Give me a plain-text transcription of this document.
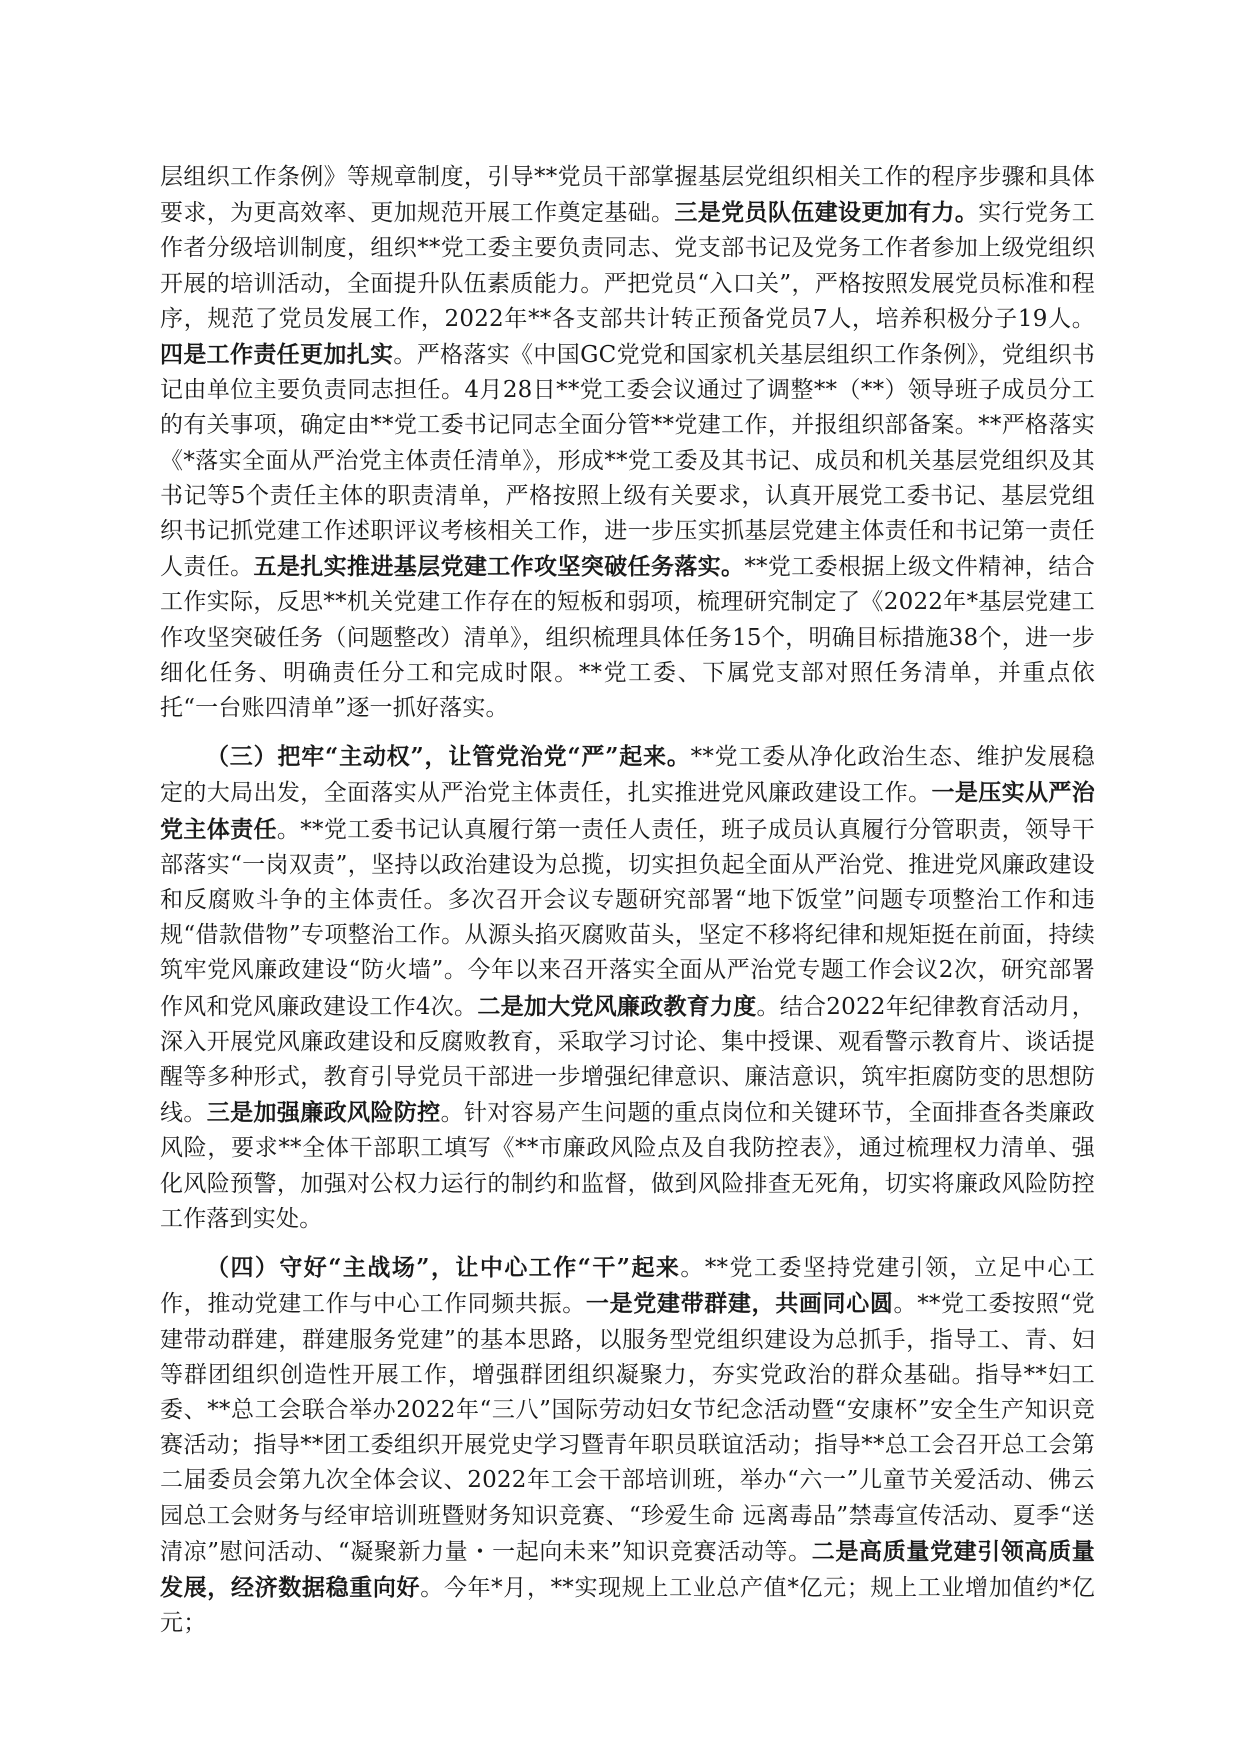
层组织工作条例》等规章制度，引导**党员干部掌握基层党组织相关工作的程序步骤和具体要求，为更高效率、更加规范开展工作奠定基础。三是党员队伍建设更加有力。实行党务工作者分级培训制度，组织**党工委主要负责同志、党支部书记及党务工作者参加上级党组织开展的培训活动，全面提升队伍素质能力。严把党员“入口关”，严格按照发展党员标准和程序，规范了党员发展工作，2022年**各支部共计转正预备党员7人，培养积极分子19人。四是工作责任更加扎实。严格落实《中国GC党党和国家机关基层组织工作条例》，党组织书记由单位主要负责同志担任。4月28日**党工委会议通过了调整**（**）领导班子成员分工的有关事项，确定由**党工委书记同志全面分管**党建工作，并报组织部备案。**严格落实《*落实全面从严治党主体责任清单》，形成**党工委及其书记、成员和机关基层党组织及其书记等5个责任主体的职责清单，严格按照上级有关要求，认真开展党工委书记、基层党组织书记抓党建工作述职评议考核相关工作，进一步压实抓基层党建主体责任和书记第一责任人责任。五是扎实推进基层党建工作攻坚突破任务落实。**党工委根据上级文件精神，结合工作实际，反思**机关党建工作存在的短板和弱项，梳理研究制定了《2022年*基层党建工作攻坚突破任务（问题整改）清单》，组织梳理具体任务15个，明确目标措施38个，进一步细化任务、明确责任分工和完成时限。**党工委、下属党支部对照任务清单，并重点依托“一台账四清单”逐一抓好落实。

（三）把牢“主动权”，让管党治党“严”起来。**党工委从净化政治生态、维护发展稳定的大局出发，全面落实从严治党主体责任，扎实推进党风廉政建设工作。一是压实从严治党主体责任。**党工委书记认真履行第一责任人责任，班子成员认真履行分管职责，领导干部落实“一岗双责”，坚持以政治建设为总揽，切实担负起全面从严治党、推进党风廉政建设和反腐败斗争的主体责任。多次召开会议专题研究部署“地下饭堂”问题专项整治工作和违规“借款借物”专项整治工作。从源头掐灭腐败苗头，坚定不移将纪律和规矩挺在前面，持续筑牢党风廉政建设“防火墙”。今年以来召开落实全面从严治党专题工作会议2次，研究部署作风和党风廉政建设工作4次。二是加大党风廉政教育力度。结合2022年纪律教育活动月，深入开展党风廉政建设和反腐败教育，采取学习讨论、集中授课、观看警示教育片、谈话提醒等多种形式，教育引导党员干部进一步增强纪律意识、廉洁意识，筑牢拒腐防变的思想防线。三是加强廉政风险防控。针对容易产生问题的重点岗位和关键环节，全面排查各类廉政风险，要求**全体干部职工填写《**市廉政风险点及自我防控表》，通过梳理权力清单、强化风险预警，加强对公权力运行的制约和监督，做到风险排查无死角，切实将廉政风险防控工作落到实处。

（四）守好“主战场”，让中心工作“干”起来。**党工委坚持党建引领，立足中心工作，推动党建工作与中心工作同频共振。一是党建带群建，共画同心圆。**党工委按照“党建带动群建，群建服务党建”的基本思路，以服务型党组织建设为总抓手，指导工、青、妇等群团组织创造性开展工作，增强群团组织凝聚力，夯实党政治的群众基础。指导**妇工委、**总工会联合举办2022年“三八”国际劳动妇女节纪念活动暨“安康杯”安全生产知识竞赛活动；指导**团工委组织开展党史学习暨青年职员联谊活动；指导**总工会召开总工会第二届委员会第九次全体会议、2022年工会干部培训班，举办“六一”儿童节关爱活动、佛云园总工会财务与经审培训班暨财务知识竞赛、“珍爱生命 远离毒品”禁毒宣传活动、夏季“送清凉”慰问活动、“凝聚新力量・一起向未来”知识竞赛活动等。二是高质量党建引领高质量发展，经济数据稳重向好。今年*月，**实现规上工业总产值*亿元；规上工业增加值约*亿元；
